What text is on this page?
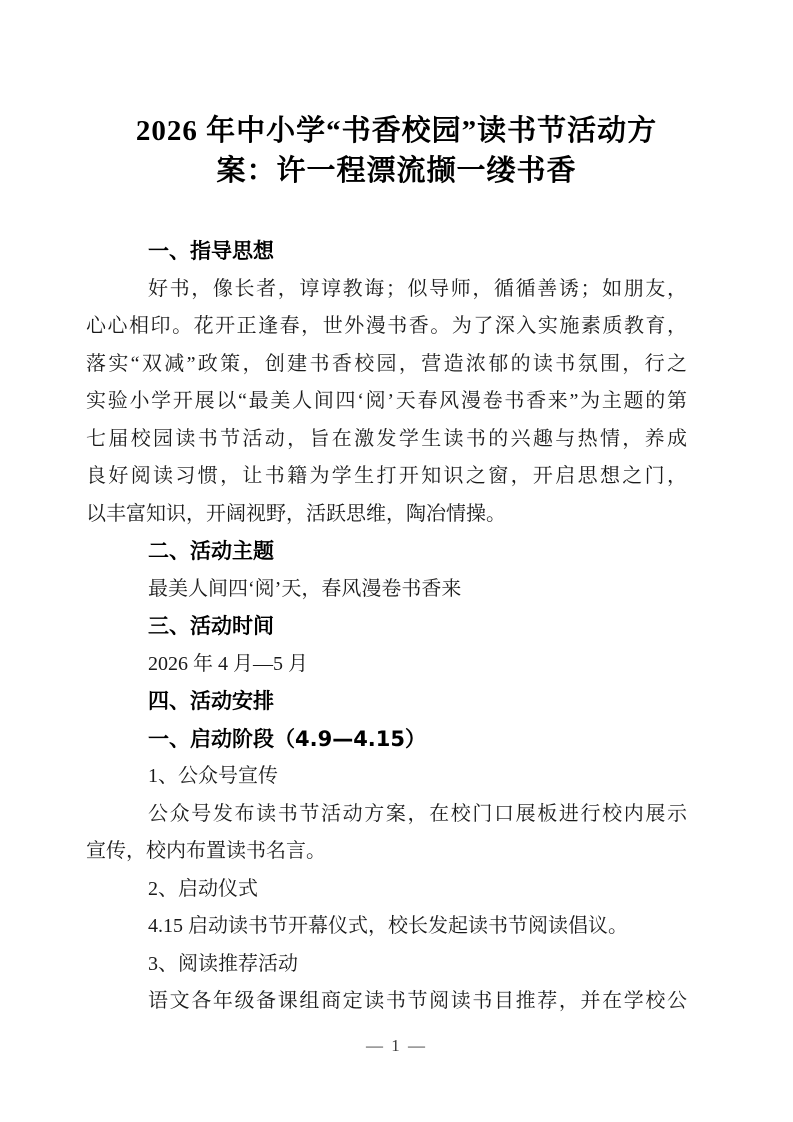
2026 年中小学“书香校园”读书节活动方
案：许一程漂流撷一缕书香
一、指导思想
好书，像长者，谆谆教诲；似导师，循循善诱；如朋友，
心心相印。花开正逢春，世外漫书香。为了深入实施素质教育，
落实“双减”政策，创建书香校园，营造浓郁的读书氛围，行之
实验小学开展以“最美人间四‘阅’天春风漫卷书香来”为主题的第
七届校园读书节活动，旨在激发学生读书的兴趣与热情，养成
良好阅读习惯，让书籍为学生打开知识之窗，开启思想之门，
以丰富知识，开阔视野，活跃思维，陶冶情操。
二、活动主题
最美人间四‘阅’天，春风漫卷书香来
三、活动时间
2026 年 4 月—5 月
四、活动安排
一、启动阶段（4.9—4.15）
1、公众号宣传
公众号发布读书节活动方案，在校门口展板进行校内展示
宣传，校内布置读书名言。
2、启动仪式
4.15 启动读书节开幕仪式，校长发起读书节阅读倡议。
3、阅读推荐活动
语文各年级备课组商定读书节阅读书目推荐，并在学校公
— 1 —
